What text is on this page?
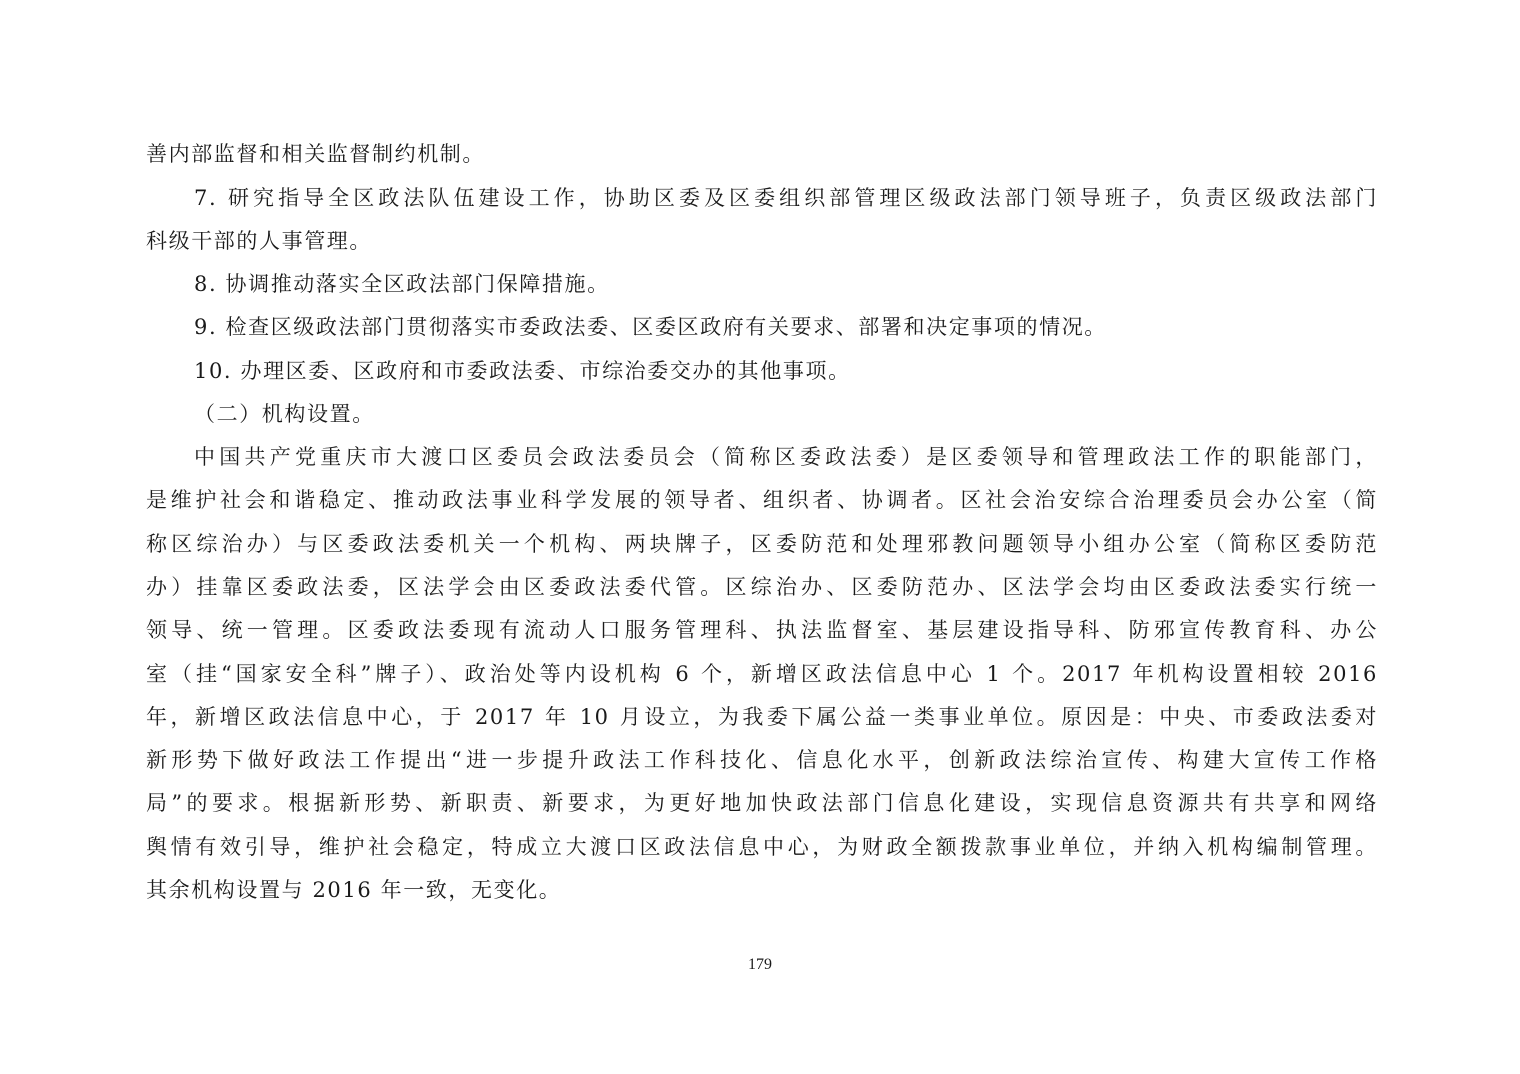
善内部监督和相关监督制约机制。
7. 研究指导全区政法队伍建设工作，协助区委及区委组织部管理区级政法部门领导班子，负责区级政法部门
科级干部的人事管理。
8. 协调推动落实全区政法部门保障措施。
9. 检查区级政法部门贯彻落实市委政法委、区委区政府有关要求、部署和决定事项的情况。
10. 办理区委、区政府和市委政法委、市综治委交办的其他事项。
（二）机构设置。
中国共产党重庆市大渡口区委员会政法委员会（简称区委政法委）是区委领导和管理政法工作的职能部门，
是维护社会和谐稳定、推动政法事业科学发展的领导者、组织者、协调者。区社会治安综合治理委员会办公室（简
称区综治办）与区委政法委机关一个机构、两块牌子，区委防范和处理邪教问题领导小组办公室（简称区委防范
办）挂靠区委政法委，区法学会由区委政法委代管。区综治办、区委防范办、区法学会均由区委政法委实行统一
领导、统一管理。区委政法委现有流动人口服务管理科、执法监督室、基层建设指导科、防邪宣传教育科、办公
室（挂“国家安全科”牌子）、政治处等内设机构 6 个，新增区政法信息中心 1 个。2017 年机构设置相较 2016
年，新增区政法信息中心，于 2017 年 10 月设立，为我委下属公益一类事业单位。原因是：中央、市委政法委对
新形势下做好政法工作提出“进一步提升政法工作科技化、信息化水平，创新政法综治宣传、构建大宣传工作格
局”的要求。根据新形势、新职责、新要求，为更好地加快政法部门信息化建设，实现信息资源共有共享和网络
舆情有效引导，维护社会稳定，特成立大渡口区政法信息中心，为财政全额拨款事业单位，并纳入机构编制管理。
其余机构设置与 2016 年一致，无变化。
179
